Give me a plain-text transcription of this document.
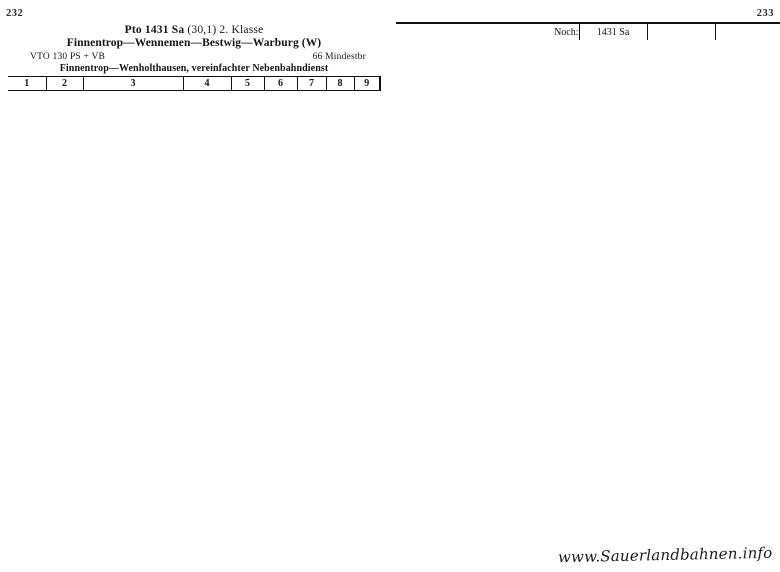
232	233
Pto 1431 Sa (30,1) 2. Klasse
Finnentrop—Wennemen—Bestwig—Warburg (W)
VTO 130 PS + VB	66 Mindestbr
Finnentrop—Wenholthausen, vereinfachter Nebenbahndienst
1	2	3	4	5	6	7	8	9

Noch:	1431 Sa			

www.Sauerlandbahnen.info
